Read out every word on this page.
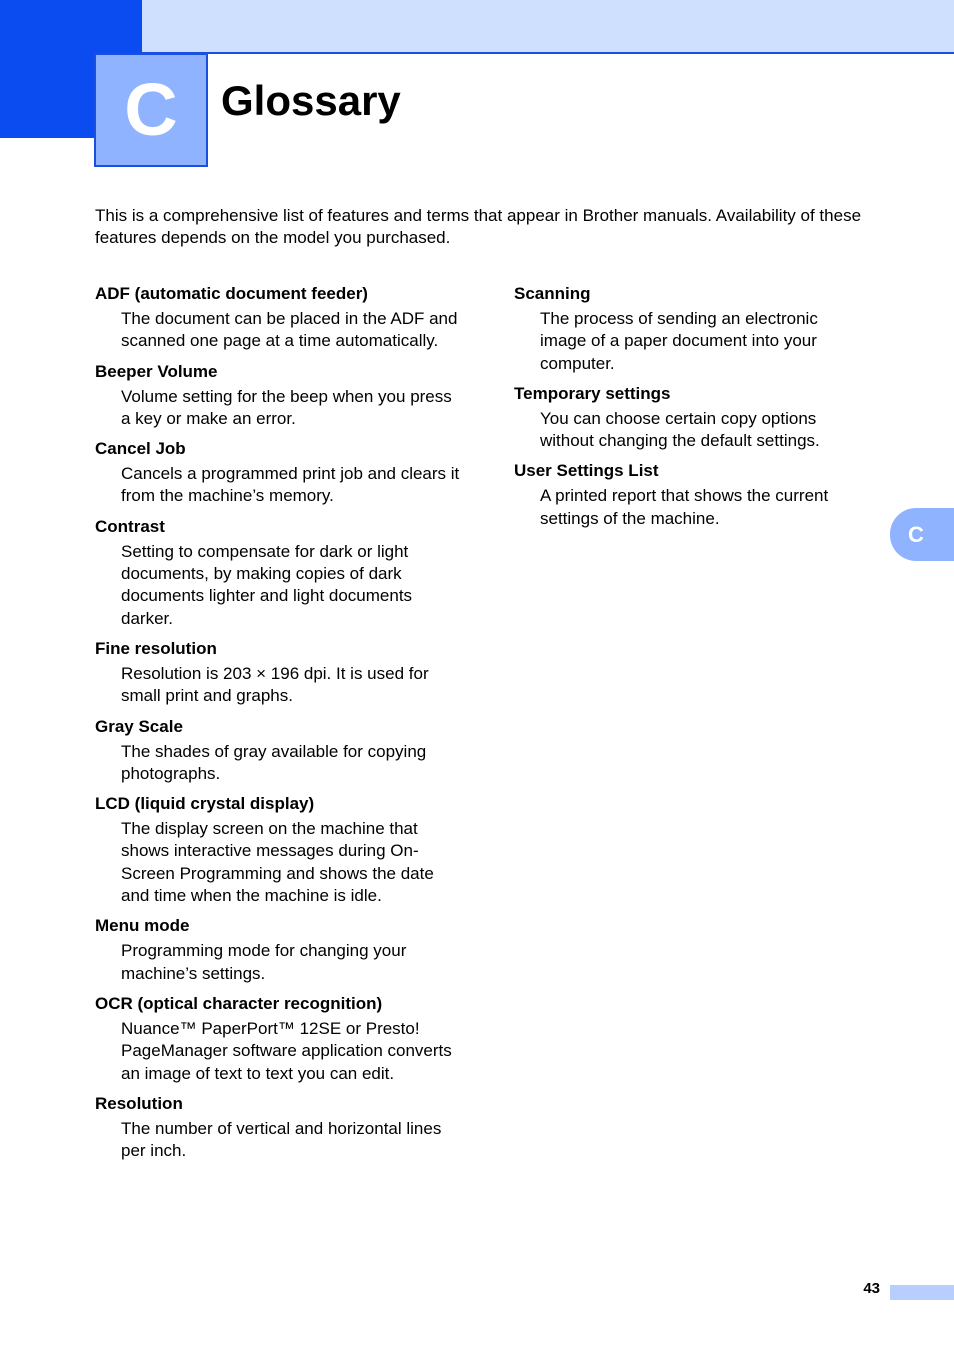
C Glossary

This is a comprehensive list of features and terms that appear in Brother manuals. Availability of these features depends on the model you purchased.

ADF (automatic document feeder)

The document can be placed in the ADF and scanned one page at a time automatically.

Beeper Volume

Volume setting for the beep when you press a key or make an error.

Cancel Job

Cancels a programmed print job and clears it from the machine’s memory.

Contrast

Setting to compensate for dark or light documents, by making copies of dark documents lighter and light documents darker.

Fine resolution

Resolution is 203 × 196 dpi. It is used for small print and graphs.

Gray Scale

The shades of gray available for copying photographs.

LCD (liquid crystal display)

The display screen on the machine that shows interactive messages during On-Screen Programming and shows the date and time when the machine is idle.

Menu mode

Programming mode for changing your machine’s settings.

OCR (optical character recognition)

Nuance™ PaperPort™ 12SE or Presto! PageManager software application converts an image of text to text you can edit.

Resolution

The number of vertical and horizontal lines per inch.

Scanning

The process of sending an electronic image of a paper document into your computer.

Temporary settings

You can choose certain copy options without changing the default settings.

User Settings List

A printed report that shows the current settings of the machine.

C
43
